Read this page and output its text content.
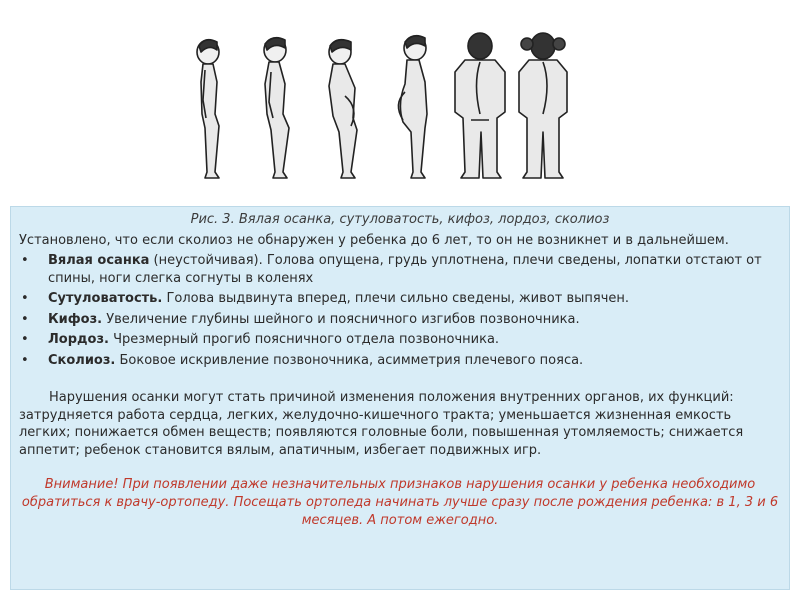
Рис. 3. Вялая осанка, сутуловатость, кифоз, лордоз, сколиоз
Установлено, что если сколиоз не обнаружен у ребенка до 6 лет, то он не возникнет и в дальнейшем.
• Вялая осанка (неустойчивая). Голова опущена, грудь уплотнена, плечи сведены, лопатки отстают от спины, ноги слегка согнуты в коленях
• Сутуловатость. Голова выдвинута вперед, плечи сильно сведены, живот выпячен.
• Кифоз. Увеличение глубины шейного и поясничного изгибов позвоночника.
• Лордоз. Чрезмерный прогиб поясничного отдела позвоночника.
• Сколиоз. Боковое искривление позвоночника, асимметрия плечевого пояса.
Нарушения осанки могут стать причиной изменения положения внутренних органов, их функций: затрудняется работа сердца, легких, желудочно-кишечного тракта; уменьшается жизненная емкость легких; понижается обмен веществ; появляются головные боли, повышенная утомляемость; снижается аппетит; ребенок становится вялым, апатичным, избегает подвижных игр.
Внимание! При появлении даже незначительных признаков нарушения осанки у ребенка необходимо обратиться к врачу-ортопеду. Посещать ортопеда начинать лучше сразу после рождения ребенка: в 1, 3 и 6 месяцев. А потом ежегодно.
